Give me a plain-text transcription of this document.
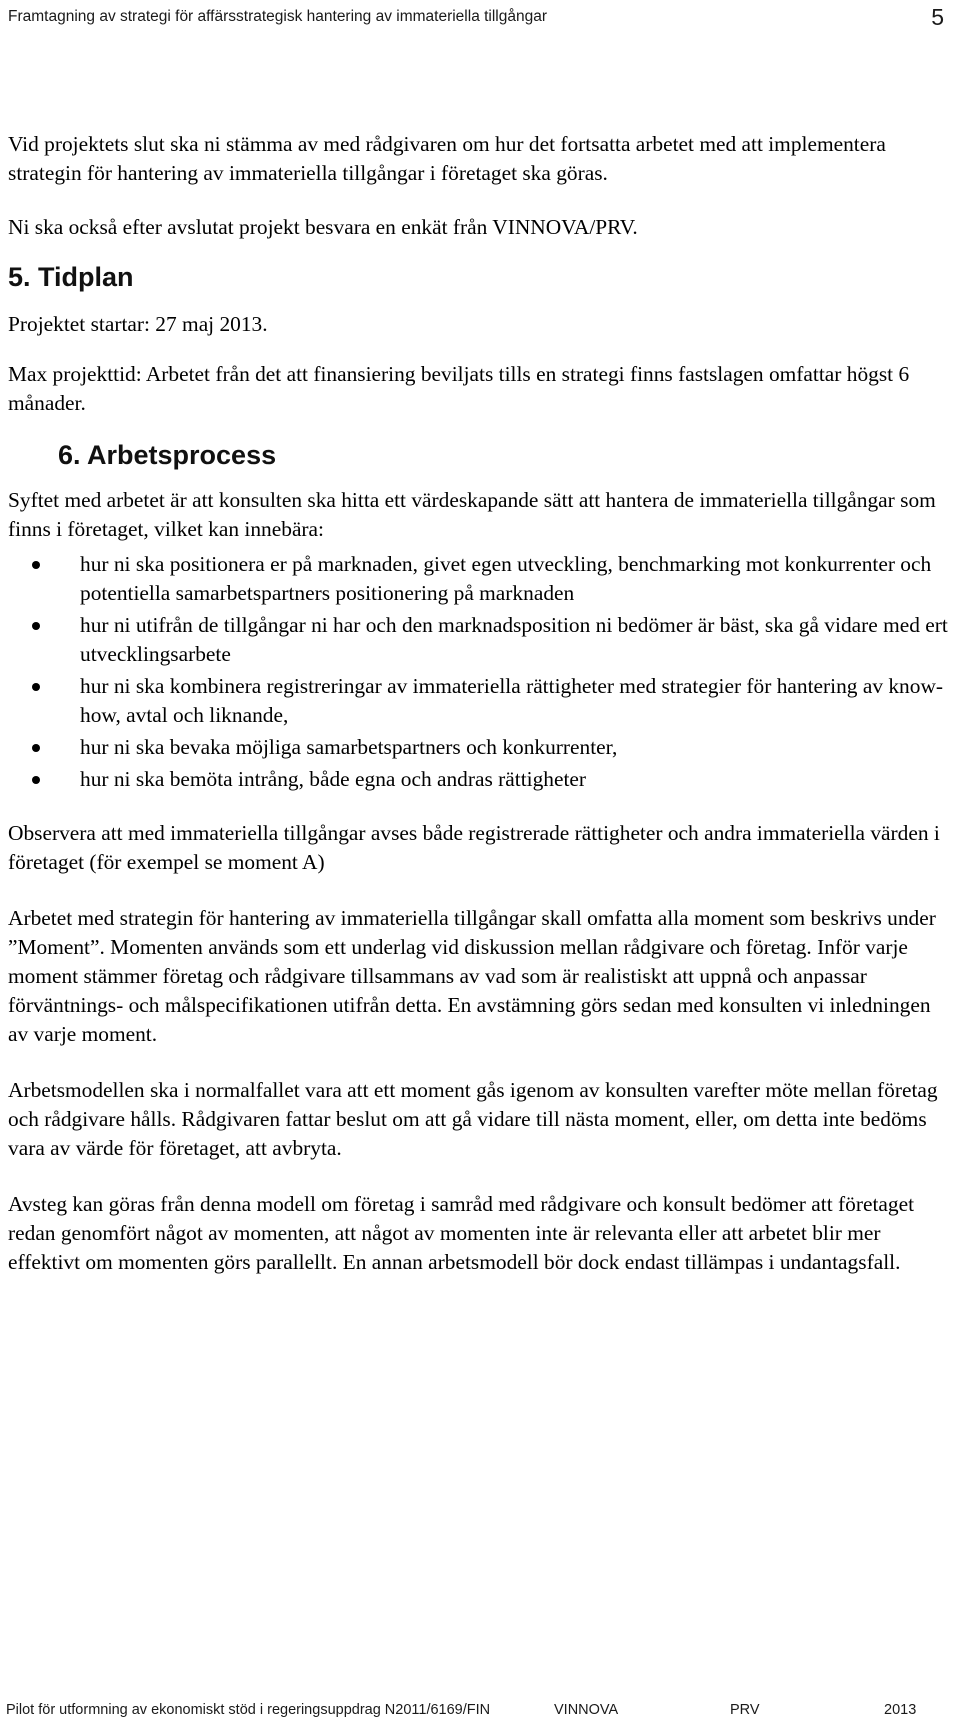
Framtagning av strategi för affärsstrategisk hantering av immateriella tillgångar	5

Vid projektets slut ska ni stämma av med rådgivaren om hur det fortsatta arbetet med att implementera strategin för hantering av immateriella tillgångar i företaget ska göras.

Ni ska också efter avslutat projekt besvara en enkät från VINNOVA/PRV.

5. Tidplan

Projektet startar: 27 maj 2013.

Max projekttid: Arbetet från det att finansiering beviljats tills en strategi finns fastslagen omfattar högst 6 månader.

6. Arbetsprocess

Syftet med arbetet är att konsulten ska hitta ett värdeskapande sätt att hantera de immateriella tillgångar som finns i företaget, vilket kan innebära:

hur ni ska positionera er på marknaden, givet egen utveckling, benchmarking mot konkurrenter och potentiella samarbetspartners positionering på marknaden
hur ni utifrån de tillgångar ni har och den marknadsposition ni bedömer är bäst, ska gå vidare med ert utvecklingsarbete
hur ni ska kombinera registreringar av immateriella rättigheter med strategier för hantering av know-how, avtal och liknande,
hur ni ska bevaka möjliga samarbetspartners och konkurrenter,
hur ni ska bemöta intrång, både egna och andras rättigheter

Observera att med immateriella tillgångar avses både registrerade rättigheter och andra immateriella värden i företaget (för exempel se moment A)

Arbetet med strategin för hantering av immateriella tillgångar skall omfatta alla moment som beskrivs under ”Moment”. Momenten används som ett underlag vid diskussion mellan rådgivare och företag. Inför varje moment stämmer företag och rådgivare tillsammans av vad som är realistiskt att uppnå och anpassar förväntnings- och målspecifikationen utifrån detta. En avstämning görs sedan med konsulten vi inledningen av varje moment.

Arbetsmodellen ska i normalfallet vara att ett moment gås igenom av konsulten varefter möte mellan företag och rådgivare hålls. Rådgivaren fattar beslut om att gå vidare till nästa moment, eller, om detta inte bedöms vara av värde för företaget, att avbryta.

Avsteg kan göras från denna modell om företag i samråd med rådgivare och konsult bedömer att företaget redan genomfört något av momenten, att något av momenten inte är relevanta eller att arbetet blir mer effektivt om momenten görs parallellt. En annan arbetsmodell bör dock endast tillämpas i undantagsfall.

Pilot för utformning av ekonomiskt stöd i regeringsuppdrag N2011/6169/FIN	VINNOVA	PRV	2013
